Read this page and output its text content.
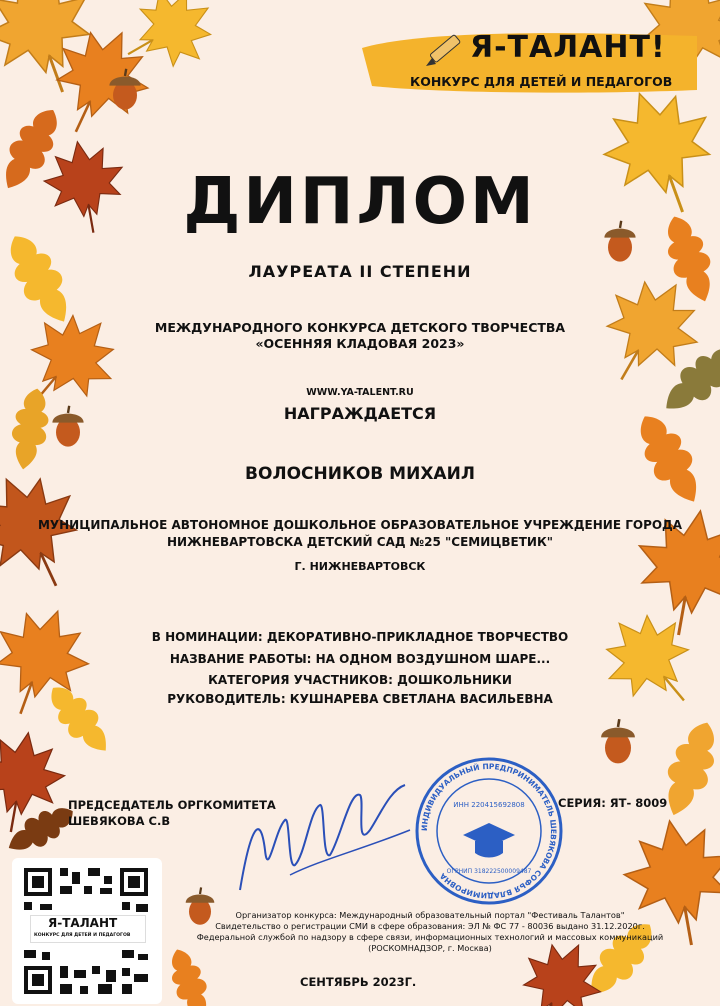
Я-ТАЛАНТ!
КОНКУРС ДЛЯ ДЕТЕЙ И ПЕДАГОГОВ
ДИПЛОМ
ЛАУРЕАТА II СТЕПЕНИ
МЕЖДУНАРОДНОГО КОНКУРСА ДЕТСКОГО ТВОРЧЕСТВА
«ОСЕННЯЯ КЛАДОВАЯ 2023»
WWW.YA-TALENT.RU
НАГРАЖДАЕТСЯ
ВОЛОСНИКОВ МИХАИЛ
МУНИЦИПАЛЬНОЕ АВТОНОМНОЕ ДОШКОЛЬНОЕ ОБРАЗОВАТЕЛЬНОЕ УЧРЕЖДЕНИЕ ГОРОДА
НИЖНЕВАРТОВСКА ДЕТСКИЙ САД №25 "СЕМИЦВЕТИК"
Г. НИЖНЕВАРТОВСК
В НОМИНАЦИИ: ДЕКОРАТИВНО-ПРИКЛАДНОЕ ТВОРЧЕСТВО
НАЗВАНИЕ РАБОТЫ: НА ОДНОМ ВОЗДУШНОМ ШАРЕ...
КАТЕГОРИЯ УЧАСТНИКОВ: ДОШКОЛЬНИКИ
РУКОВОДИТЕЛЬ: КУШНАРЕВА СВЕТЛАНА ВАСИЛЬЕВНА
ПРЕДСЕДАТЕЛЬ ОРГКОМИТЕТА
ШЕВЯКОВА С.В
СЕРИЯ: ЯТ- 8009
ИНДИВИДУАЛЬНЫЙ ПРЕДПРИНИМАТЕЛЬ ШЕВЯКОВА СОФЬЯ ВЛАДИМИРОВНА
ИНН 220415692808
ОГРНИП 318222500009487
Организатор конкурса: Международный образовательный портал "Фестиваль Талантов"
Свидетельство о регистрации СМИ в сфере образования: ЭЛ № ФС 77 - 80036 выдано 31.12.2020г.
Федеральной службой по надзору в сфере связи, информационных технологий и массовых коммуникаций
(РОСКОМНАДЗОР, г. Москва)
СЕНТЯБРЬ 2023Г.
Я-ТАЛАНТ
КОНКУРС ДЛЯ ДЕТЕЙ И ПЕДАГОГОВ
